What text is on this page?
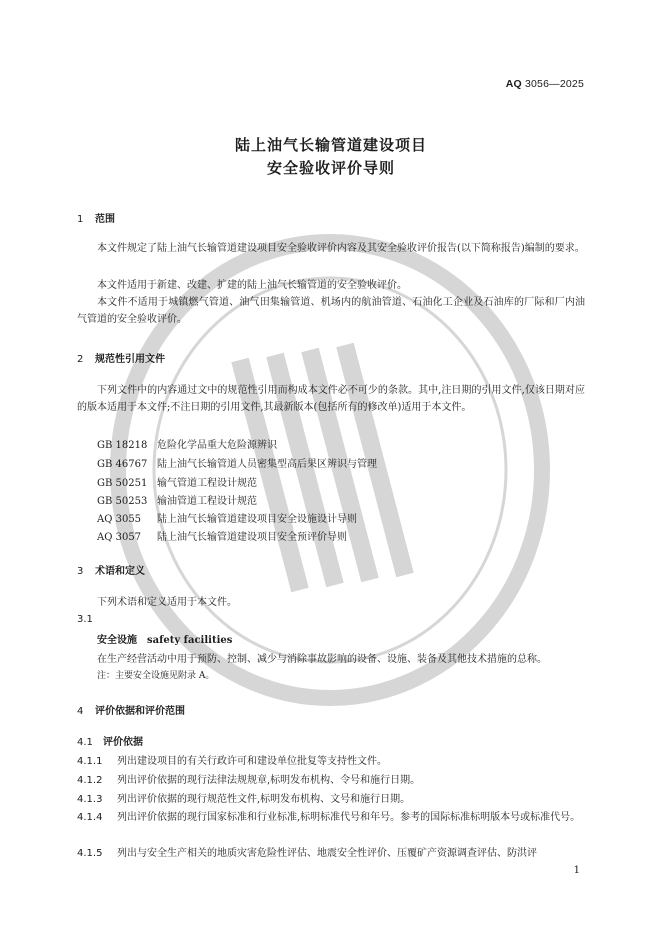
AQ 3056—2025
陆上油气长输管道建设项目
安全验收评价导则
1 范围
本文件规定了陆上油气长输管道建设项目安全验收评价内容及其安全验收评价报告(以下简称报告)编制的要求。
本文件适用于新建、改建、扩建的陆上油气长输管道的安全验收评价。
本文件不适用于城镇燃气管道、油气田集输管道、机场内的航油管道、石油化工企业及石油库的厂际和厂内油气管道的安全验收评价。
2 规范性引用文件
下列文件中的内容通过文中的规范性引用而构成本文件必不可少的条款。其中,注日期的引用文件,仅该日期对应的版本适用于本文件;不注日期的引用文件,其最新版本(包括所有的修改单)适用于本文件。
GB 18218 危险化学品重大危险源辨识
GB 46767 陆上油气长输管道人员密集型高后果区辨识与管理
GB 50251 输气管道工程设计规范
GB 50253 输油管道工程设计规范
AQ 3055 陆上油气长输管道建设项目安全设施设计导则
AQ 3057 陆上油气长输管道建设项目安全预评价导则
3 术语和定义
下列术语和定义适用于本文件。
3.1
安全设施 safety facilities
在生产经营活动中用于预防、控制、减少与消除事故影响的设备、设施、装备及其他技术措施的总称。
注：主要安全设施见附录 A。
4 评价依据和评价范围
4.1 评价依据
4.1.1 列出建设项目的有关行政许可和建设单位批复等支持性文件。
4.1.2 列出评价依据的现行法律法规规章,标明发布机构、令号和施行日期。
4.1.3 列出评价依据的现行规范性文件,标明发布机构、文号和施行日期。
4.1.4 列出评价依据的现行国家标准和行业标准,标明标准代号和年号。参考的国际标准标明版本号或标准代号。
4.1.5 列出与安全生产相关的地质灾害危险性评估、地震安全性评价、压覆矿产资源调查评估、防洪评
1
